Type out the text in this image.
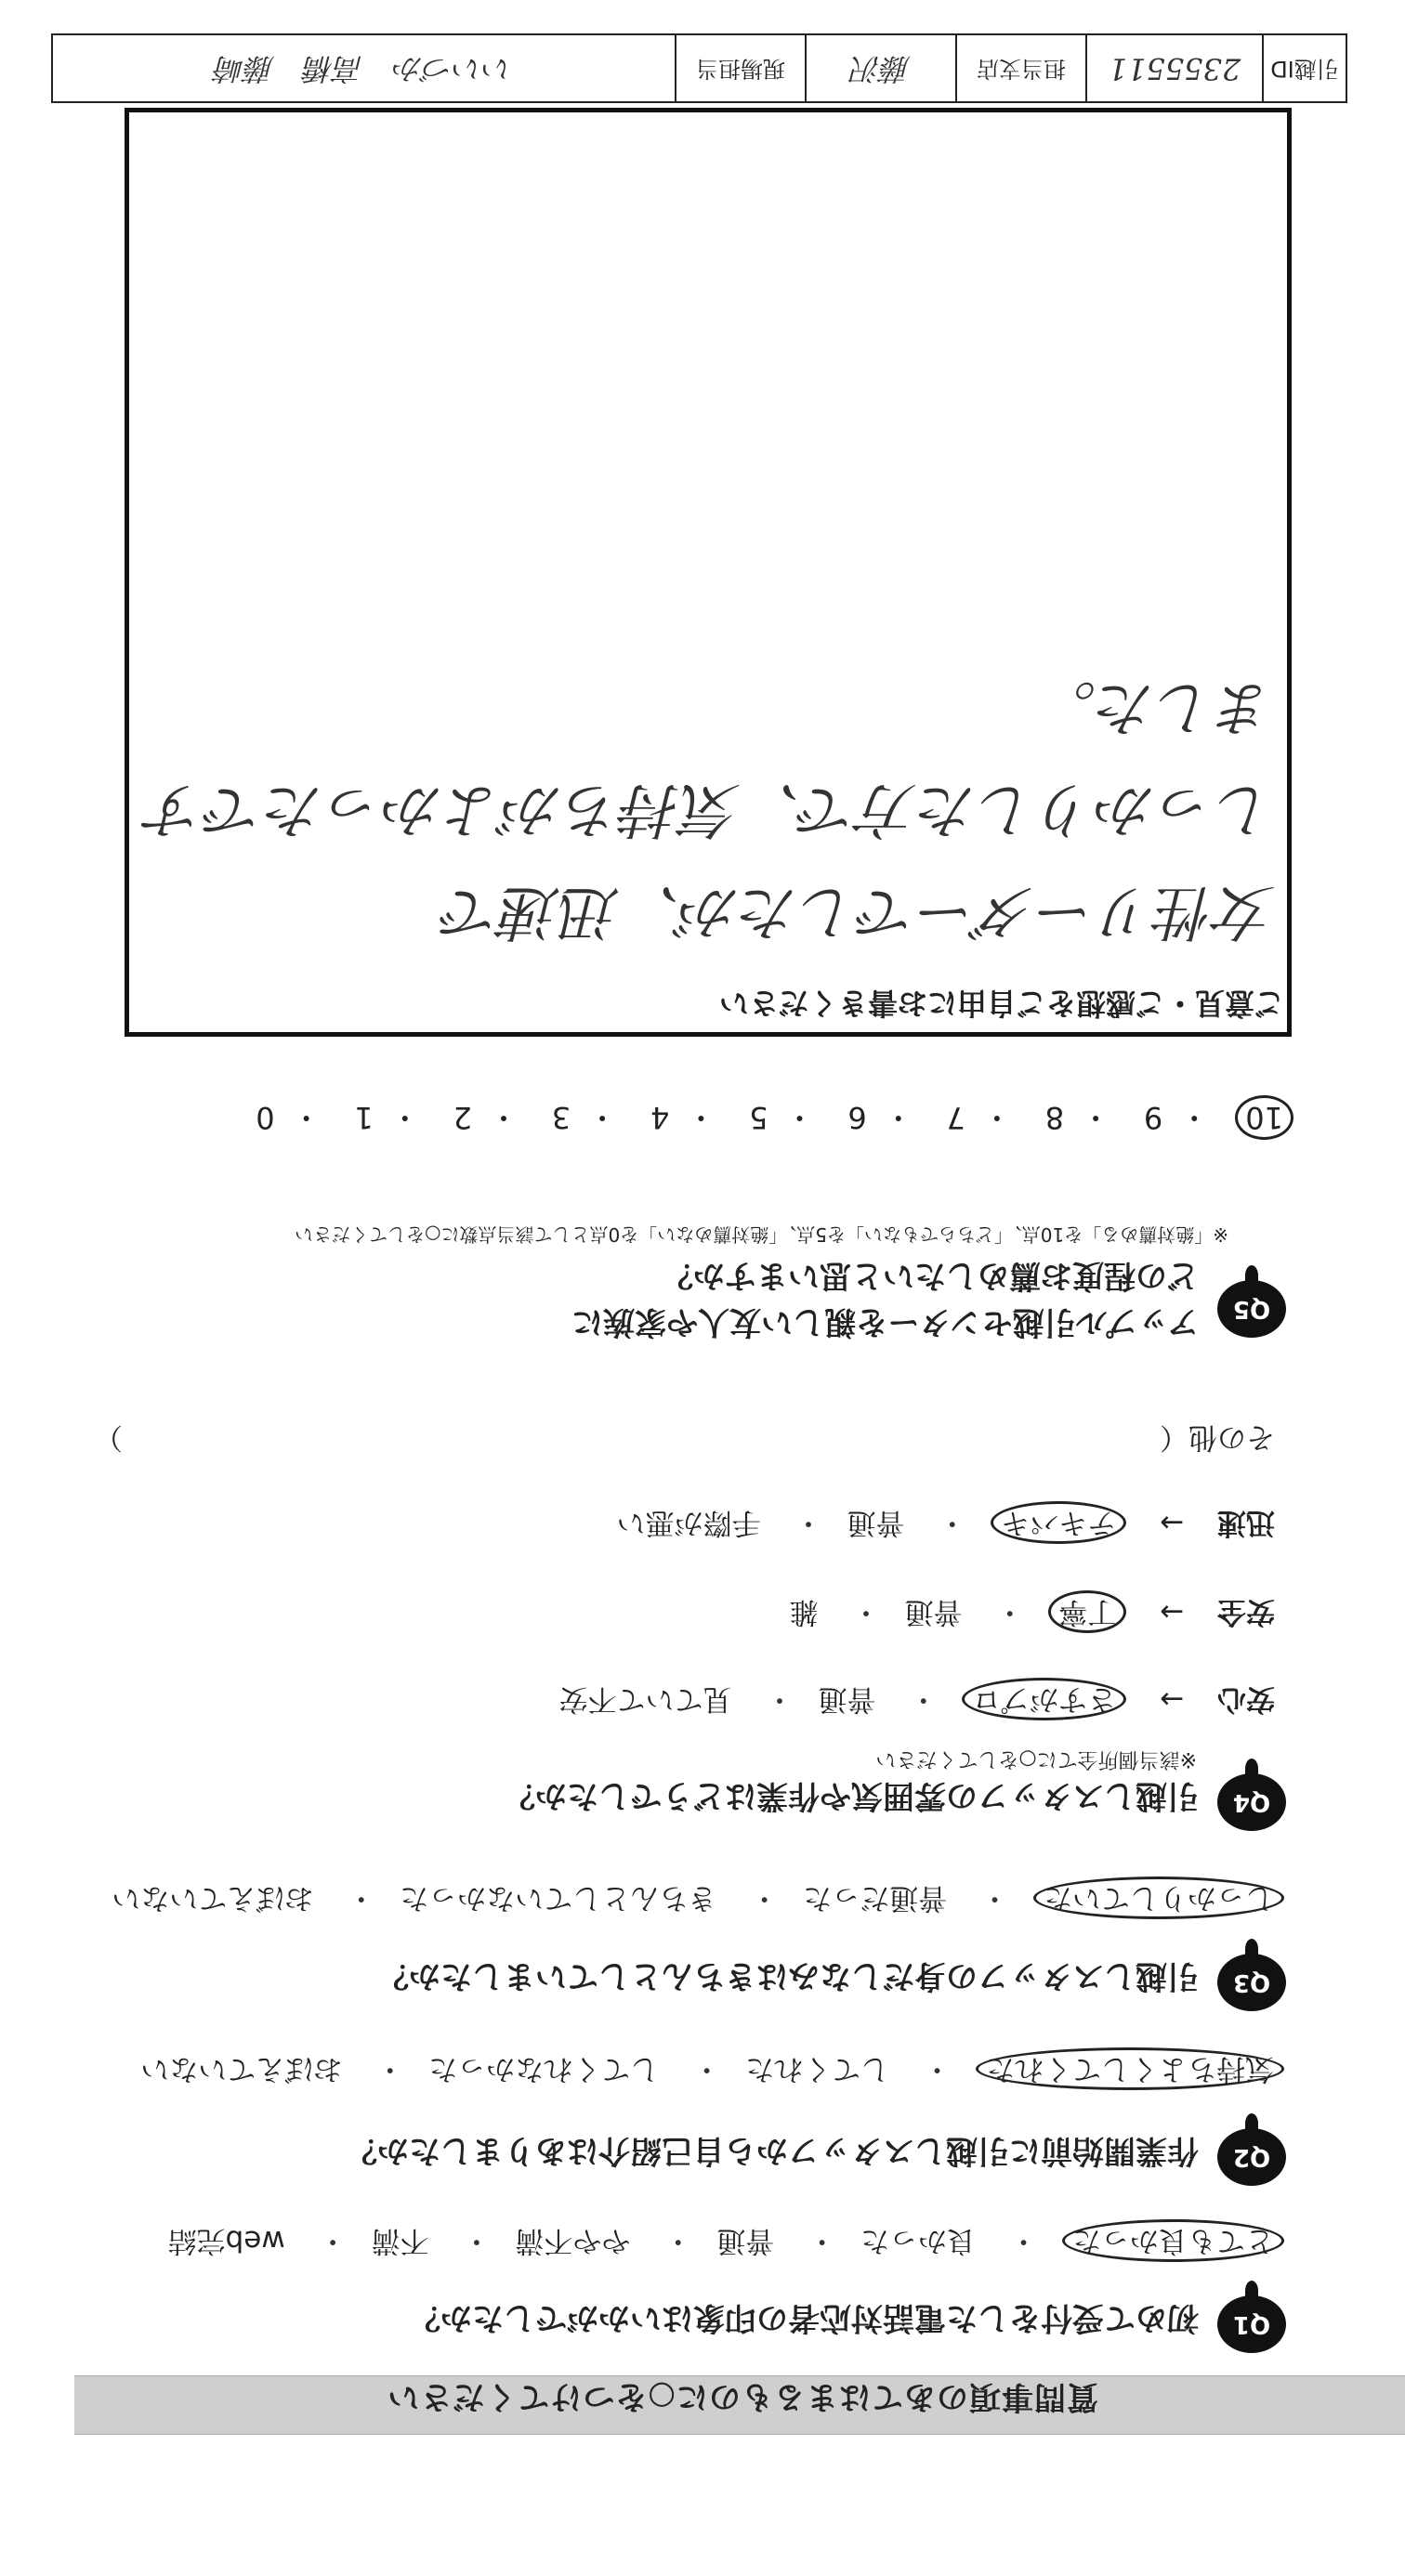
質問事項のあてはまるものに○をつけてください
Q1
初めて受付をした電話対応者の印象はいかがでしたか？
とても良かった・ 良かった・ 普通・ やや不満・ 不満・ web完結
Q2
作業開始前に引越しスタッフから自己紹介はありましたか？
気持ちよくしてくれた・ してくれた・ してくれなかった・ おぼえていない
Q3
引越しスタッフの身だしなみはきちんとしていましたか？
しっかりしていた・ 普通だった・ きちんとしていなかった・ おぼえていない
Q4
引越しスタッフの雰囲気や作業はどうでしたか？
※該当個所全てに○をしてください
安心 → さすがプロ・ 普通・ 見ていて不安
安全 → 丁寧・ 普通・ 雑
迅速 → テキパキ・ 普通・ 手際が悪い
その他（
）
Q5
アップル引越センターを親しい友人や家族に
どの程度お薦めしたいと思いますか？
※「絶対薦める」を10点、「どちらでもない」を5点、「絶対薦めない」を0点として該当点数に○をしてください
10・ 9・ 8・ 7・ 6・ 5・ 4・ 3・ 2・ 1・ 0
ご意見・ご感想をご自由にお書きください
女性リーダーでしたが、迅速で
しっかりした方で、気持ちがよかったです
ました。
引越ID
2355511
担当支店
藤沢
現場担当
いいづか　高橋　藤崎
